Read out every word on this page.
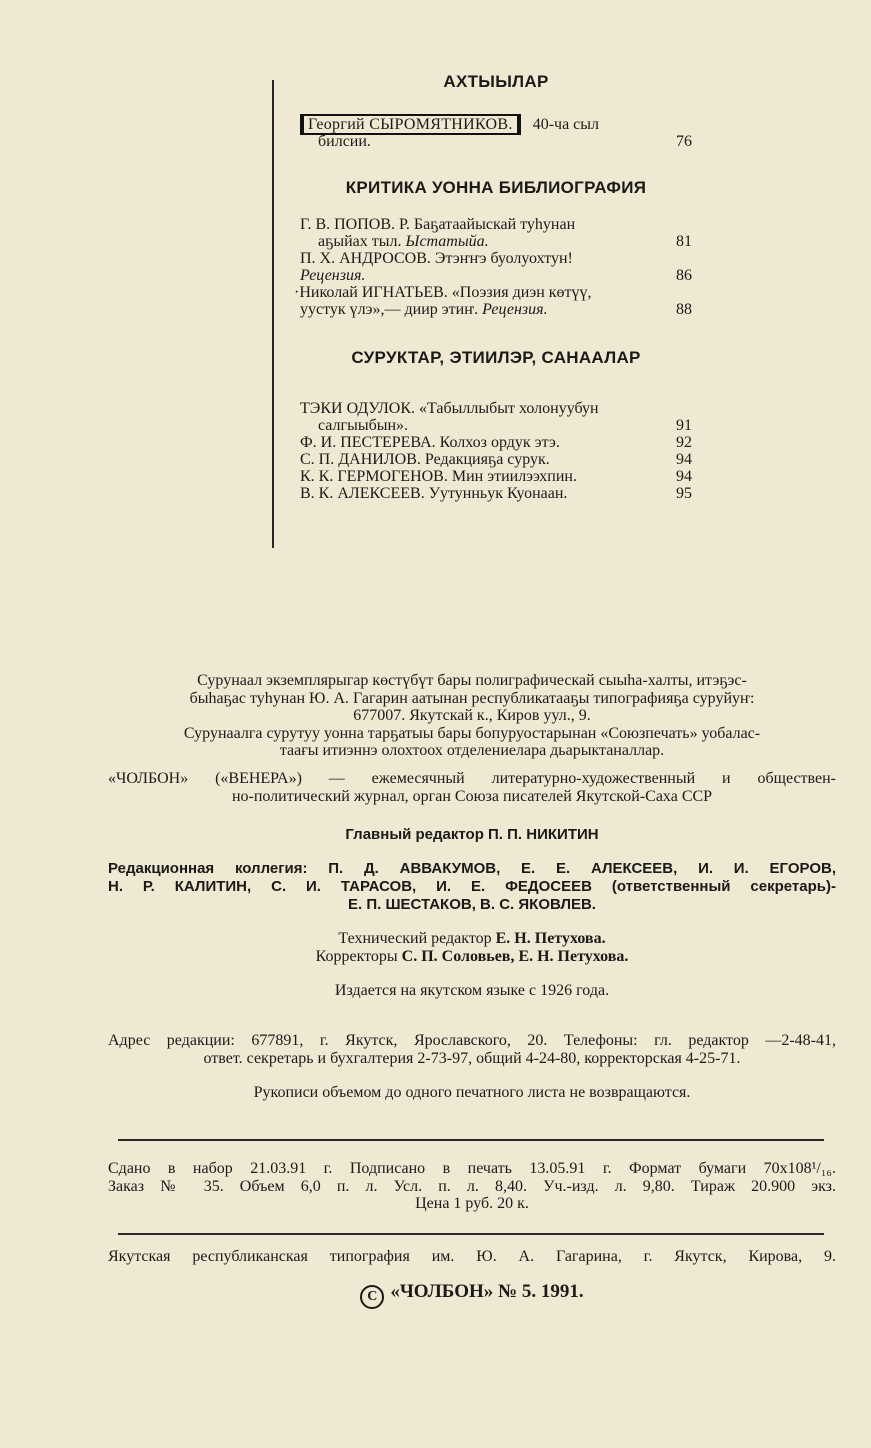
АХТЫЫЛАР
Георгий СЫРОМЯТНИКОВ. 40-ча сыл
билсии.	76
КРИТИКА УОННА БИБЛИОГРАФИЯ
Г. В. ПОПОВ. Р. Баҕатаайыскай туһунан
аҕыйах тыл. Ыстатыйа.	81
П. Х. АНДРОСОВ. Этэҥҥэ буолуохтун!
Рецензия.	86
·Николай ИГНАТЬЕВ. «Поэзия диэн көтүү,
уустук үлэ»,— диир этиҥ. Рецензия.	88
СУРУКТАР, ЭТИИЛЭР, САНААЛАР
ТЭКИ ОДУЛОК. «Табыллыбыт холонуубун
салгыыбын».	91
Ф. И. ПЕСТЕРЕВА. Колхоз ордук этэ.	92
С. П. ДАНИЛОВ. Редакцияҕа сурук.	94
К. К. ГЕРМОГЕНОВ. Мин этиилээхпин.	94
В. К. АЛЕКСЕЕВ. Уутунньук Куонаан.	95
Сурунаал экземплярыгар көстүбүт бары полиграфическай сыыһа-халты, итэҕэс-
быһаҕас туһунан Ю. А. Гагарин аатынан республикатааҕы типографияҕа суруйуҥ:
677007. Якутскай к., Киров уул., 9.
Сурунаалга сурутуу уонна тарҕатыы бары бопуруостарынан «Союзпечать» уобалас-
таағы итиэннэ олохтоох отделениелара дьарыктаналлар.
«ЧОЛБОН» («ВЕНЕРА») — ежемесячный литературно-художественный и обществен-
но-политический журнал, орган Союза писателей Якутской-Саха ССР
Главный редактор П. П. НИКИТИН
Редакционная коллегия: П. Д. АВВАКУМОВ, Е. Е. АЛЕКСЕЕВ, И. И. ЕГОРОВ,
Н. Р. КАЛИТИН, С. И. ТАРАСОВ, И. Е. ФЕДОСЕЕВ (ответственный секретарь)-
Е. П. ШЕСТАКОВ, В. С. ЯКОВЛЕВ.
Технический редактор Е. Н. Петухова.
Корректоры С. П. Соловьев, Е. Н. Петухова.
Издается на якутском языке с 1926 года.
Адрес редакции: 677891, г. Якутск, Ярославского, 20. Телефоны: гл. редактор —2-48-41,
ответ. секретарь и бухгалтерия 2-73-97, общий 4-24-80, корректорская 4-25-71.
Рукописи объемом до одного печатного листа не возвращаются.
Сдано в набор 21.03.91 г. Подписано в печать 13.05.91 г. Формат бумаги 70x108¹/₁₆.
Заказ № 35. Объем 6,0 п. л. Усл. п. л. 8,40. Уч.-изд. л. 9,80. Тираж 20.900 экз.
Цена 1 руб. 20 к.
Якутская республиканская типография им. Ю. А. Гагарина, г. Якутск, Кирова, 9.
C «ЧОЛБОН» № 5. 1991.
